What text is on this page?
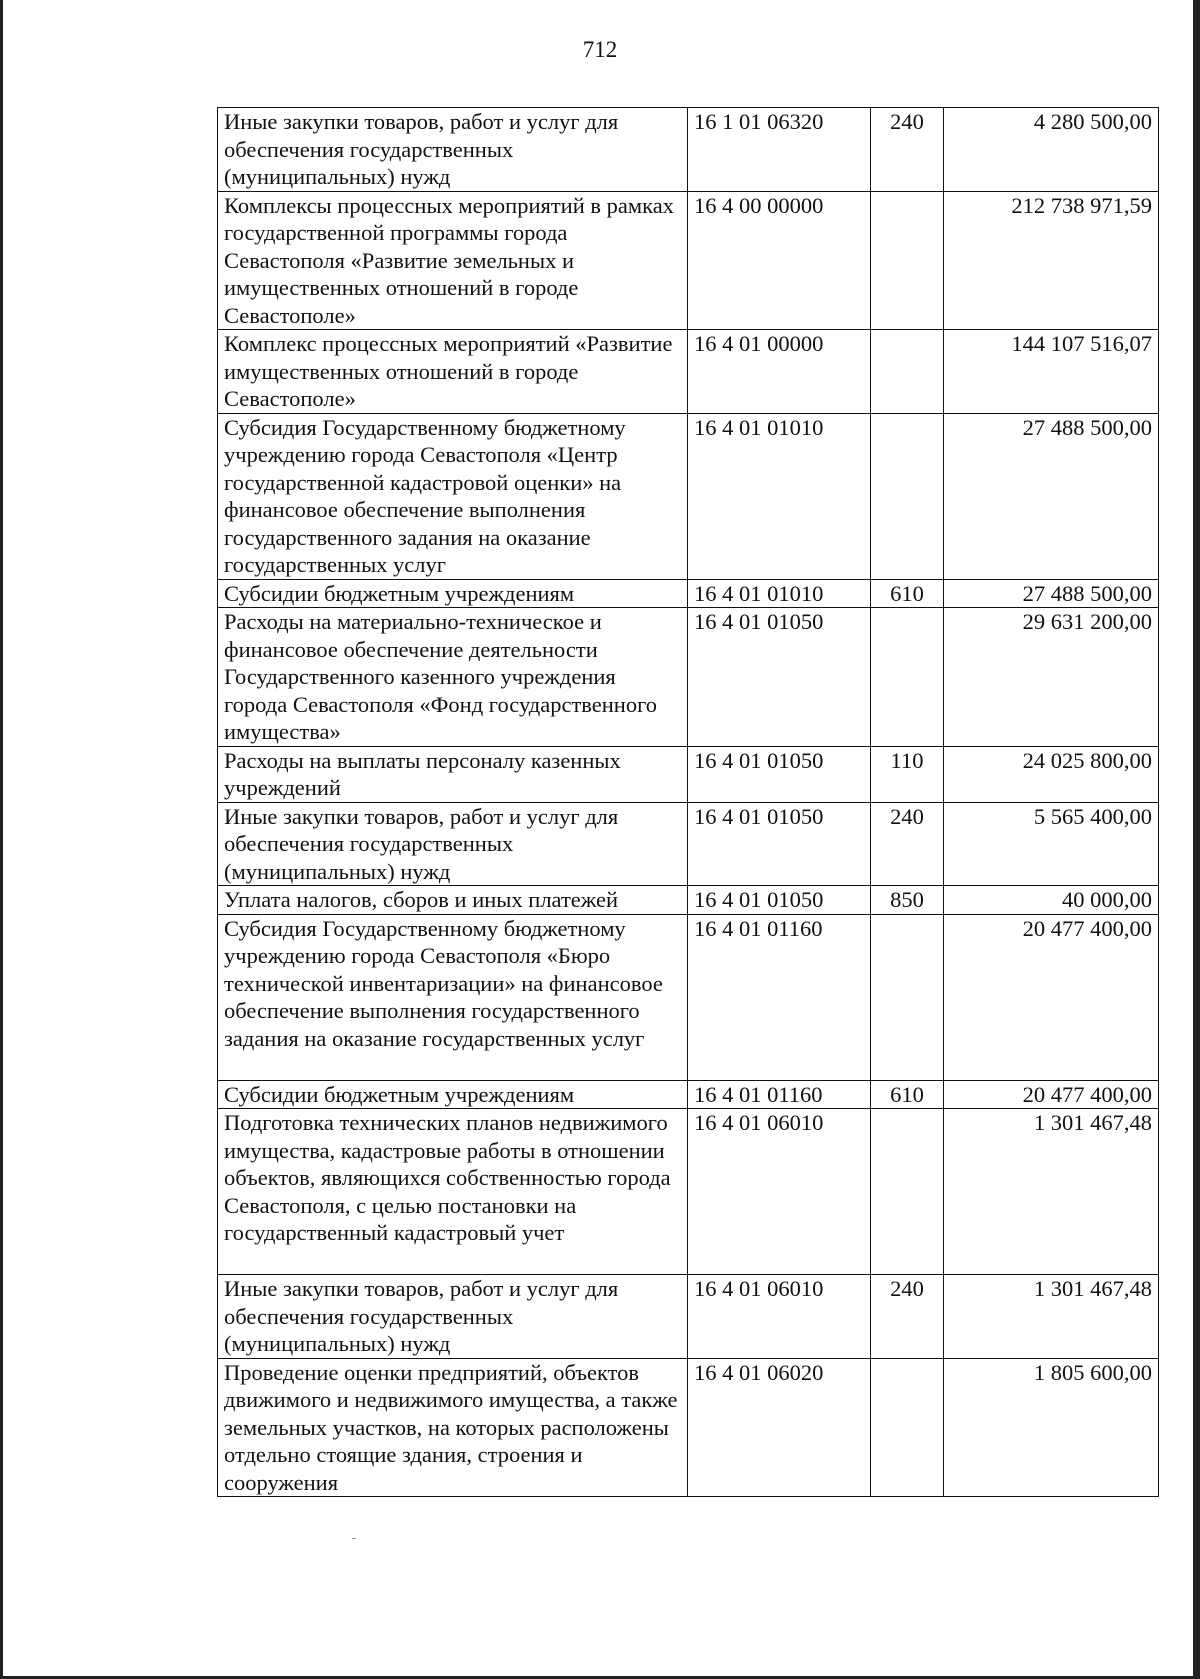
712
Иные закупки товаров, работ и услуг для обеспечения государственных (муниципальных) нужд	16 1 01 06320	240	4 280 500,00
Комплексы процессных мероприятий в рамках государственной программы города Севастополя «Развитие земельных и имущественных отношений в городе Севастополе»	16 4 00 00000		212 738 971,59
Комплекс процессных мероприятий «Развитие имущественных отношений в городе Севастополе»	16 4 01 00000		144 107 516,07
Субсидия Государственному бюджетному учреждению города Севастополя «Центр государственной кадастровой оценки» на финансовое обеспечение выполнения государственного задания на оказание государственных услуг	16 4 01 01010		27 488 500,00
Субсидии бюджетным учреждениям	16 4 01 01010	610	27 488 500,00
Расходы на материально-техническое и финансовое обеспечение деятельности Государственного казенного учреждения города Севастополя «Фонд государственного имущества»	16 4 01 01050		29 631 200,00
Расходы на выплаты персоналу казенных учреждений	16 4 01 01050	110	24 025 800,00
Иные закупки товаров, работ и услуг для обеспечения государственных (муниципальных) нужд	16 4 01 01050	240	5 565 400,00
Уплата налогов, сборов и иных платежей	16 4 01 01050	850	40 000,00
Субсидия Государственному бюджетному учреждению города Севастополя «Бюро технической инвентаризации» на финансовое обеспечение выполнения государственного задания на оказание государственных услуг	16 4 01 01160		20 477 400,00
Субсидии бюджетным учреждениям	16 4 01 01160	610	20 477 400,00
Подготовка технических планов недвижимого имущества, кадастровые работы в отношении объектов, являющихся собственностью города Севастополя, с целью постановки на государственный кадастровый учет	16 4 01 06010		1 301 467,48
Иные закупки товаров, работ и услуг для обеспечения государственных (муниципальных) нужд	16 4 01 06010	240	1 301 467,48
Проведение оценки предприятий, объектов движимого и недвижимого имущества, а также земельных участков, на которых расположены отдельно стоящие здания, строения и сооружения	16 4 01 06020		1 805 600,00
